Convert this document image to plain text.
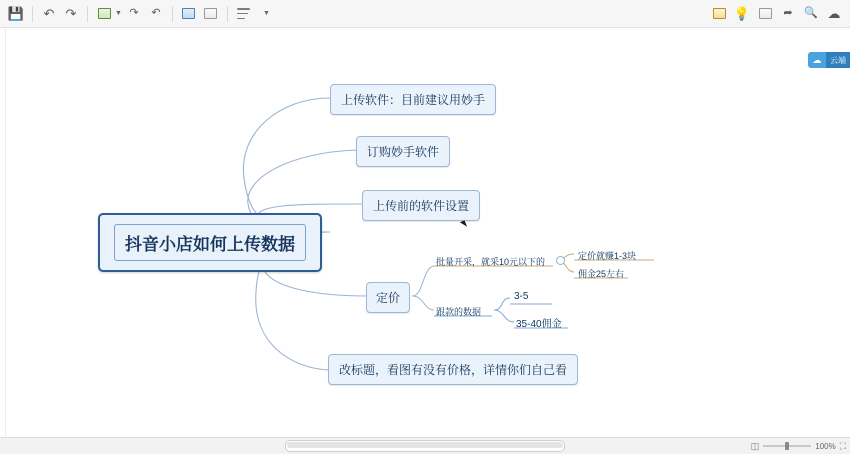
💾 ↶ ↷	▼ ↷ ↶	▼	💡	➦ 🔍 ☁
抖音小店如何上传数据
上传软件：目前建议用妙手
订购妙手软件
上传前的软件设置
定价
批量开采，就采10元以下的
跟款的数据
定价就赚1-3块
佣金25左右
3-5
35-40佣金
改标题，看图有没有价格，详情你们自己看
☁	云端
◫	100% ⛶
